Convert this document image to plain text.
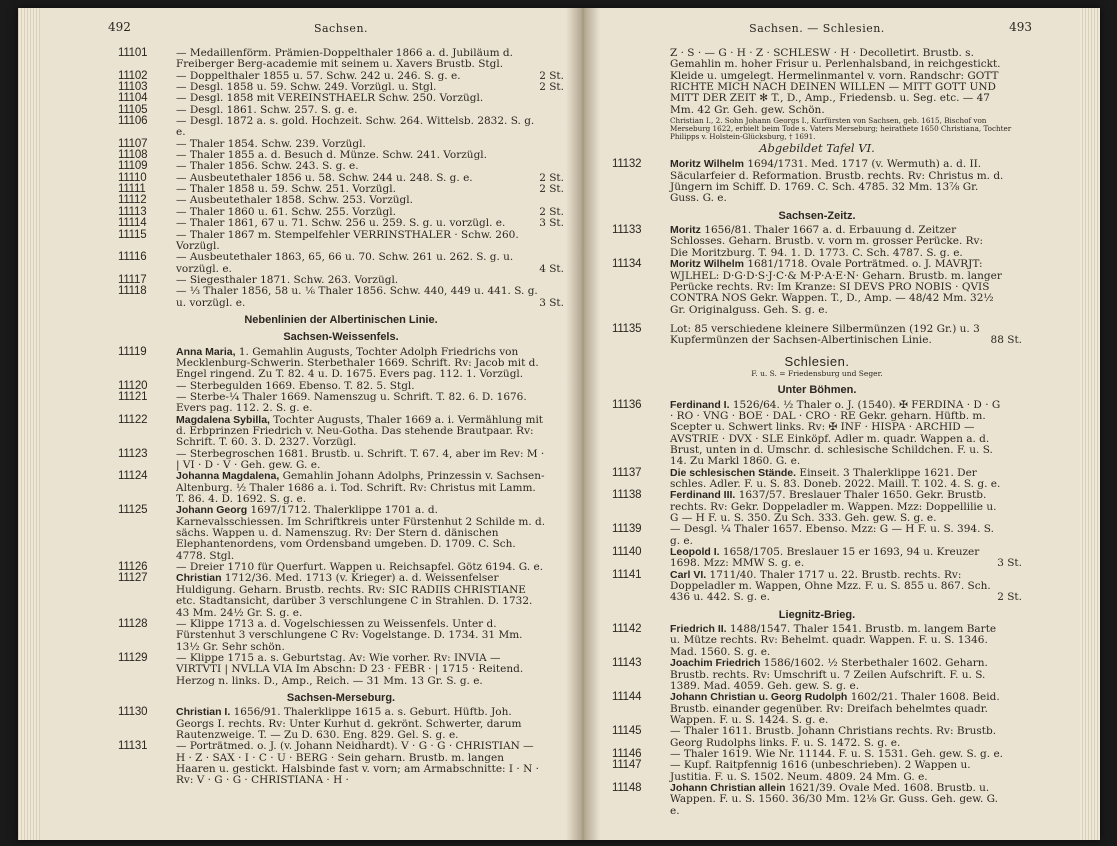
492	Sachsen.

11101	— Medaillenförm. Prämien-Doppelthaler 1866 a. d. Jubiläum d. Freiberger Berg-academie mit seinem u. Xavers Brustb. Stgl.

11102	— Doppelthaler 1855 u. 57. Schw. 242 u. 246. S. g. e.	2 St.

11103	— Desgl. 1858 u. 59. Schw. 249. Vorzügl. u. Stgl.	2 St.

11104	— Desgl. 1858 mit VEREINSTHAELR Schw. 250. Vorzügl.

11105	— Desgl. 1861. Schw. 257. S. g. e.

11106	— Desgl. 1872 a. s. gold. Hochzeit. Schw. 264. Wittelsb. 2832. S. g. e.

11107	— Thaler 1854. Schw. 239. Vorzügl.

11108	— Thaler 1855 a. d. Besuch d. Münze. Schw. 241. Vorzügl.

11109	— Thaler 1856. Schw. 243. S. g. e.

11110	— Ausbeutethaler 1856 u. 58. Schw. 244 u. 248. S. g. e.	2 St.

11111	— Thaler 1858 u. 59. Schw. 251. Vorzügl.	2 St.

11112	— Ausbeutethaler 1858. Schw. 253. Vorzügl.

11113	— Thaler 1860 u. 61. Schw. 255. Vorzügl.	2 St.

11114	— Thaler 1861, 67 u. 71. Schw. 256 u. 259. S. g. u. vorzügl. e.	3 St.

11115	— Thaler 1867 m. Stempelfehler VERRINSTHALER · Schw. 260. Vorzügl.

11116	— Ausbeutethaler 1863, 65, 66 u. 70. Schw. 261 u. 262. S. g. u. vorzügl. e.	4 St.

11117	— Siegesthaler 1871. Schw. 263. Vorzügl.

11118	— ⅓ Thaler 1856, 58 u. ⅙ Thaler 1856. Schw. 440, 449 u. 441. S. g. u. vorzügl. e.	3 St.

Nebenlinien der Albertinischen Linie.
Sachsen-Weissenfels.

11119	Anna Maria, 1. Gemahlin Augusts, Tochter Adolph Friedrichs von Mecklenburg-Schwerin. Sterbethaler 1669. Schrift. Rv: Jacob mit d. Engel ringend. Zu T. 82. 4 u. D. 1675. Evers pag. 112. 1. Vorzügl.

11120	— Sterbegulden 1669. Ebenso. T. 82. 5. Stgl.

11121	— Sterbe-¼ Thaler 1669. Namenszug u. Schrift. T. 82. 6. D. 1676. Evers pag. 112. 2. S. g. e.

11122	Magdalena Sybilla, Tochter Augusts, Thaler 1669 a. i. Vermählung mit d. Erbprinzen Friedrich v. Neu-Gotha. Das stehende Brautpaar. Rv: Schrift. T. 60. 3. D. 2327. Vorzügl.

11123	— Sterbegroschen 1681. Brustb. u. Schrift. T. 67. 4, aber im Rev: M · | VI · D · V · Geh. gew. G. e.

11124	Johanna Magdalena, Gemahlin Johann Adolphs, Prinzessin v. Sachsen-Altenburg. ½ Thaler 1686 a. i. Tod. Schrift. Rv: Christus mit Lamm. T. 86. 4. D. 1692. S. g. e.

11125	Johann Georg 1697/1712. Thalerklippe 1701 a. d. Karnevalsschiessen. Im Schriftkreis unter Fürstenhut 2 Schilde m. d. sächs. Wappen u. d. Namenszug. Rv: Der Stern d. dänischen Elephantenordens, vom Ordensband umgeben. D. 1709. C. Sch. 4778. Stgl.

11126	— Dreier 1710 für Querfurt. Wappen u. Reichsapfel. Götz 6194. G. e.

11127	Christian 1712/36. Med. 1713 (v. Krieger) a. d. Weissenfelser Huldigung. Geharn. Brustb. rechts. Rv: SIC RADIIS CHRISTIANE etc. Stadtansicht, darüber 3 verschlungene C in Strahlen. D. 1732. 43 Mm. 24½ Gr. S. g. e.

11128	— Klippe 1713 a. d. Vogelschiessen zu Weissenfels. Unter d. Fürstenhut 3 verschlungene C Rv: Vogelstange. D. 1734. 31 Mm. 13½ Gr. Sehr schön.

11129	— Klippe 1715 a. s. Geburtstag. Av: Wie vorher. Rv: INVIA — VIRTVTI | NVLLA VIA Im Abschn: D 23 · FEBR · | 1715 · Reitend. Herzog n. links. D., Amp., Reich. — 31 Mm. 13 Gr. S. g. e.

Sachsen-Merseburg.

11130	Christian I. 1656/91. Thalerklippe 1615 a. s. Geburt. Hüftb. Joh. Georgs I. rechts. Rv: Unter Kurhut d. gekrönt. Schwerter, darum Rautenzweige. T. — Zu D. 630. Eng. 829. Gel. S. g. e.

11131	— Porträtmed. o. J. (v. Johann Neidhardt). V · G · G · CHRISTIAN — H · Z · SAX · I · C · U · BERG · Sein geharn. Brustb. m. langen Haaren u. gestickt. Halsbinde fast v. vorn; am Armabschnitte: I · N · Rv: V · G · G · CHRISTIANA · H ·

Sachsen. — Schlesien.	493

Z · S · — G · H · Z · SCHLESW · H · Decolletirt. Brustb. s. Gemahlin m. hoher Frisur u. Perlenhalsband, in reichgestickt. Kleide u. umgelegt. Hermelinmantel v. vorn. Randschr: GOTT RICHTE MICH NACH DEINEN WILLEN — MITT GOTT UND MITT DER ZEIT ✻ T., D., Amp., Friedensb. u. Seg. etc. — 47 Mm. 42 Gr. Geh. gew. Schön.
Christian I., 2. Sohn Johann Georgs I., Kurfürsten von Sachsen, geb. 1615, Bischof von Merseburg 1622, erbielt beim Tode s. Vaters Merseburg; heirathete 1650 Christiana, Tochter Philipps v. Holstein-Glücksburg, † 1691.

Abgebildet Tafel VI.

11132	Moritz Wilhelm 1694/1731. Med. 1717 (v. Wermuth) a. d. II. Säcularfeier d. Reformation. Brustb. rechts. Rv: Christus m. d. Jüngern im Schiff. D. 1769. C. Sch. 4785. 32 Mm. 13⅞ Gr. Guss. G. e.

Sachsen-Zeitz.

11133	Moritz 1656/81. Thaler 1667 a. d. Erbauung d. Zeitzer Schlosses. Geharn. Brustb. v. vorn m. grosser Perücke. Rv: Die Moritzburg. T. 94. 1. D. 1773. C. Sch. 4787. S. g. e.

11134	Moritz Wilhelm 1681/1718. Ovale Porträtmed. o. J. MAVRJT: WJLHEL: D·G·D·S·J·C·& M·P·A·E·N· Geharn. Brustb. m. langer Perücke rechts. Rv: Im Kranze: SI DEVS PRO NOBIS · QVIS CONTRA NOS Gekr. Wappen. T., D., Amp. — 48/42 Mm. 32½ Gr. Originalguss. Geh. S. g. e.

11135	Lot: 85 verschiedene kleinere Silbermünzen (192 Gr.) u. 3 Kupfermünzen der Sachsen-Albertinischen Linie.	88 St.

Schlesien.
F. u. S. = Friedensburg und Seger.
Unter Böhmen.

11136	Ferdinand I. 1526/64. ½ Thaler o. J. (1540). ✠ FERDINA · D · G · RO · VNG · BOE · DAL · CRO · RE Gekr. geharn. Hüftb. m. Scepter u. Schwert links. Rv: ✠ INF · HISPA · ARCHID — AVSTRIE · DVX · SLE Einköpf. Adler m. quadr. Wappen a. d. Brust, unten in d. Umschr. d. schlesische Schildchen. F. u. S. 14. Zu Markl 1860. G. e.

11137	Die schlesischen Stände. Einseit. 3 Thalerklippe 1621. Der schles. Adler. F. u. S. 83. Doneb. 2022. Maill. T. 102. 4. S. g. e.

11138	Ferdinand III. 1637/57. Breslauer Thaler 1650. Gekr. Brustb. rechts. Rv: Gekr. Doppeladler m. Wappen. Mzz: Doppellilie u. G — H F. u. S. 350. Zu Sch. 333. Geh. gew. S. g. e.

11139	— Desgl. ¼ Thaler 1657. Ebenso. Mzz: G — H F. u. S. 394. S. g. e.

11140	Leopold I. 1658/1705. Breslauer 15 er 1693, 94 u. Kreuzer 1698. Mzz: MMW S. g. e.	3 St.

11141	Carl VI. 1711/40. Thaler 1717 u. 22. Brustb. rechts. Rv: Doppeladler m. Wappen, Ohne Mzz. F. u. S. 855 u. 867. Sch. 436 u. 442. S. g. e.	2 St.

Liegnitz-Brieg.

11142	Friedrich II. 1488/1547. Thaler 1541. Brustb. m. langem Barte u. Mütze rechts. Rv: Behelmt. quadr. Wappen. F. u. S. 1346. Mad. 1560. S. g. e.

11143	Joachim Friedrich 1586/1602. ½ Sterbethaler 1602. Geharn. Brustb. rechts. Rv: Umschrift u. 7 Zeilen Aufschrift. F. u. S. 1389. Mad. 4059. Geh. gew. S. g. e.

11144	Johann Christian u. Georg Rudolph 1602/21. Thaler 1608. Beid. Brustb. einander gegenüber. Rv: Dreifach behelmtes quadr. Wappen. F. u. S. 1424. S. g. e.

11145	— Thaler 1611. Brustb. Johann Christians rechts. Rv: Brustb. Georg Rudolphs links. F. u. S. 1472. S. g. e.

11146	— Thaler 1619. Wie Nr. 11144. F. u. S. 1531. Geh. gew. S. g. e.

11147	— Kupf. Raitpfennig 1616 (unbeschrieben). 2 Wappen u. Justitia. F. u. S. 1502. Neum. 4809. 24 Mm. G. e.

11148	Johann Christian allein 1621/39. Ovale Med. 1608. Brustb. u. Wappen. F. u. S. 1560. 36/30 Mm. 12⅛ Gr. Guss. Geh. gew. G. e.
